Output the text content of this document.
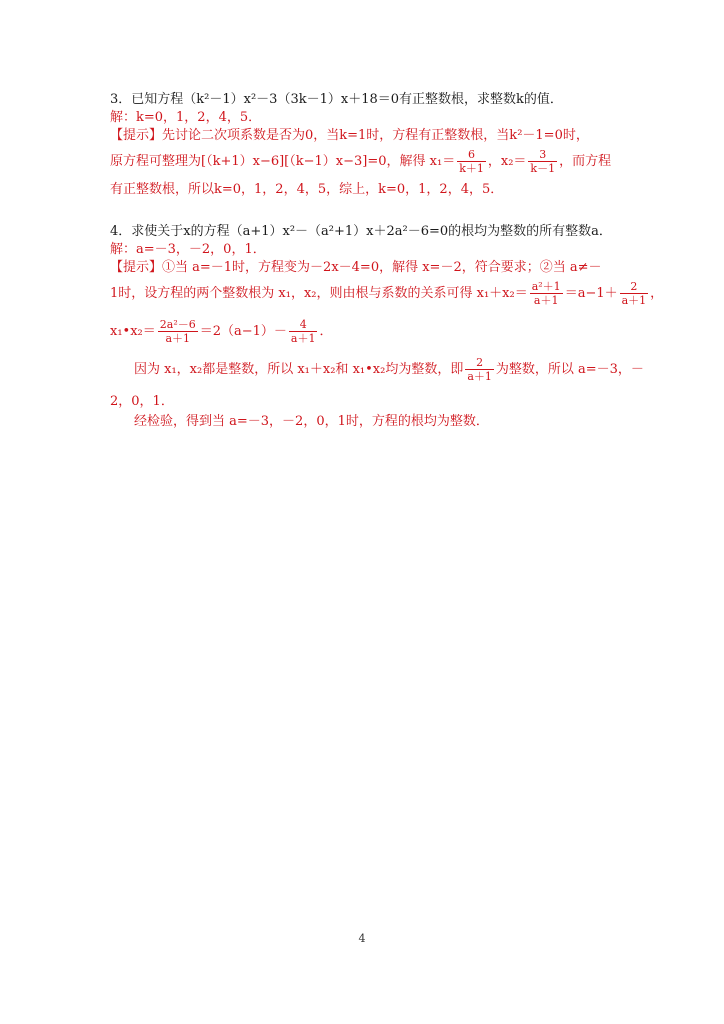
3．已知方程（k²－1）x²－3（3k－1）x＋18＝0有正整数根，求整数k的值．
解：k=0，1，2，4，5．
【提示】先讨论二次项系数是否为0，当k=1时，方程有正整数根，当k²－1=0时，
原方程可整理为[（k+1）x−6][（k−1）x−3]=0，解得 $x_1= \frac{6}{k+1}$ ，$x_2= \frac{3}{k-1}$ ，而方程
有正整数根，所以k=0，1，2，4，5，综上，k=0，1，2，4，5．
4．求使关于x的方程（a+1）x²－（a²+1）x＋2a²－6=0的根均为整数的所有整数a．
解：a=－3，－2，0，1．
【提示】①当 a=－1时，方程变为－2x－4=0，解得 x=－2，符合要求；②当 a≠－
1时，设方程的两个整数根为 x₁，x₂，则由根与系数的关系可得 $x_1+x_2= \frac{\text{a²＋1}}{a+1} =a-1+ \frac{2}{a+1}$ ，
x₁•x₂＝ $\frac{\text{2a²－6}}{a+1} =2(a-1)- \frac{4}{a+1}$ ．
因为 x₁，x₂都是整数，所以 x₁＋x₂和 x₁•x₂均为整数，即 $\frac{2}{a+1}$ 为整数，所以 a=－3，－
2，0，1．
经检验，得到当 a=－3，－2，0，1时，方程的根均为整数．
4
